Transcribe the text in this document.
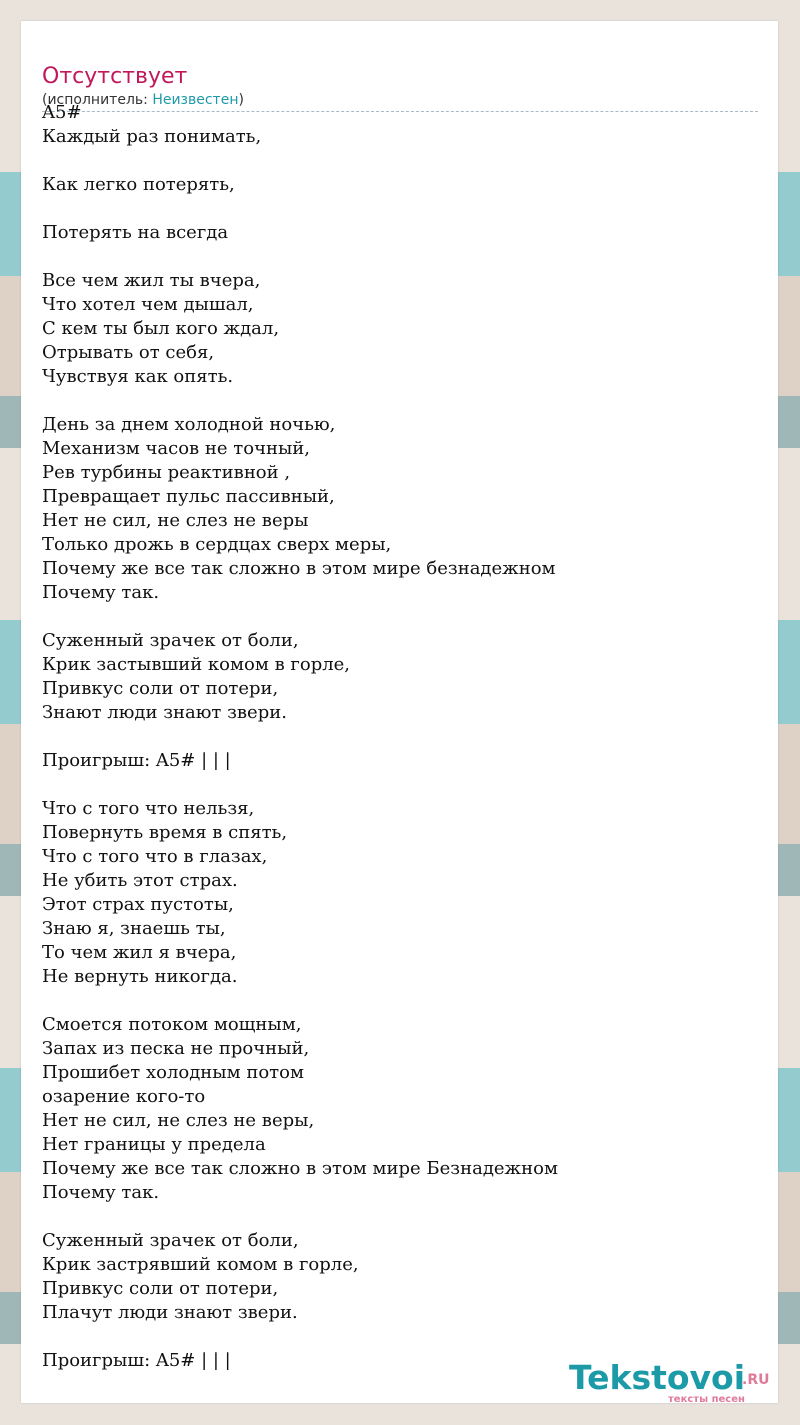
Отсутствует
(исполнитель: Неизвестен)
A5#
Каждый раз понимать,
Как легко потерять,
Потерять на всегда
Все чем жил ты вчера,
Что хотел чем дышал,
С кем ты был кого ждал,
Отрывать от себя,
Чувствуя как опять.
День за днем холодной ночью,
Механизм часов не точный,
Рев турбины реактивной ,
Превращает пульс пассивный,
Нет не сил, не слез не веры
Только дрожь в сердцах сверх меры,
Почему же все так сложно в этом мире безнадежном
Почему так.
Суженный зрачек от боли,
Крик застывший комом в горле,
Привкус соли от потери,
Знают люди знают звери.
Проигрыш: A5# | | |
Что с того что нельзя,
Повернуть время в спять,
Что с того что в глазах,
Не убить этот страх.
Этот страх пустоты,
Знаю я, знаешь ты,
То чем жил я вчера,
Не вернуть никогда.
Смоется потоком мощным,
Запах из песка не прочный,
Прошибет холодным потом
озарение кого-то
Нет не сил, не слез не веры,
Нет границы у предела
Почему же все так сложно в этом мире Безнадежном
Почему так.
Суженный зрачек от боли,
Крик застрявший комом в горле,
Привкус соли от потери,
Плачут люди знают звери.
Проигрыш: A5# | | |	Tekstovoi
.RU
тексты песен
